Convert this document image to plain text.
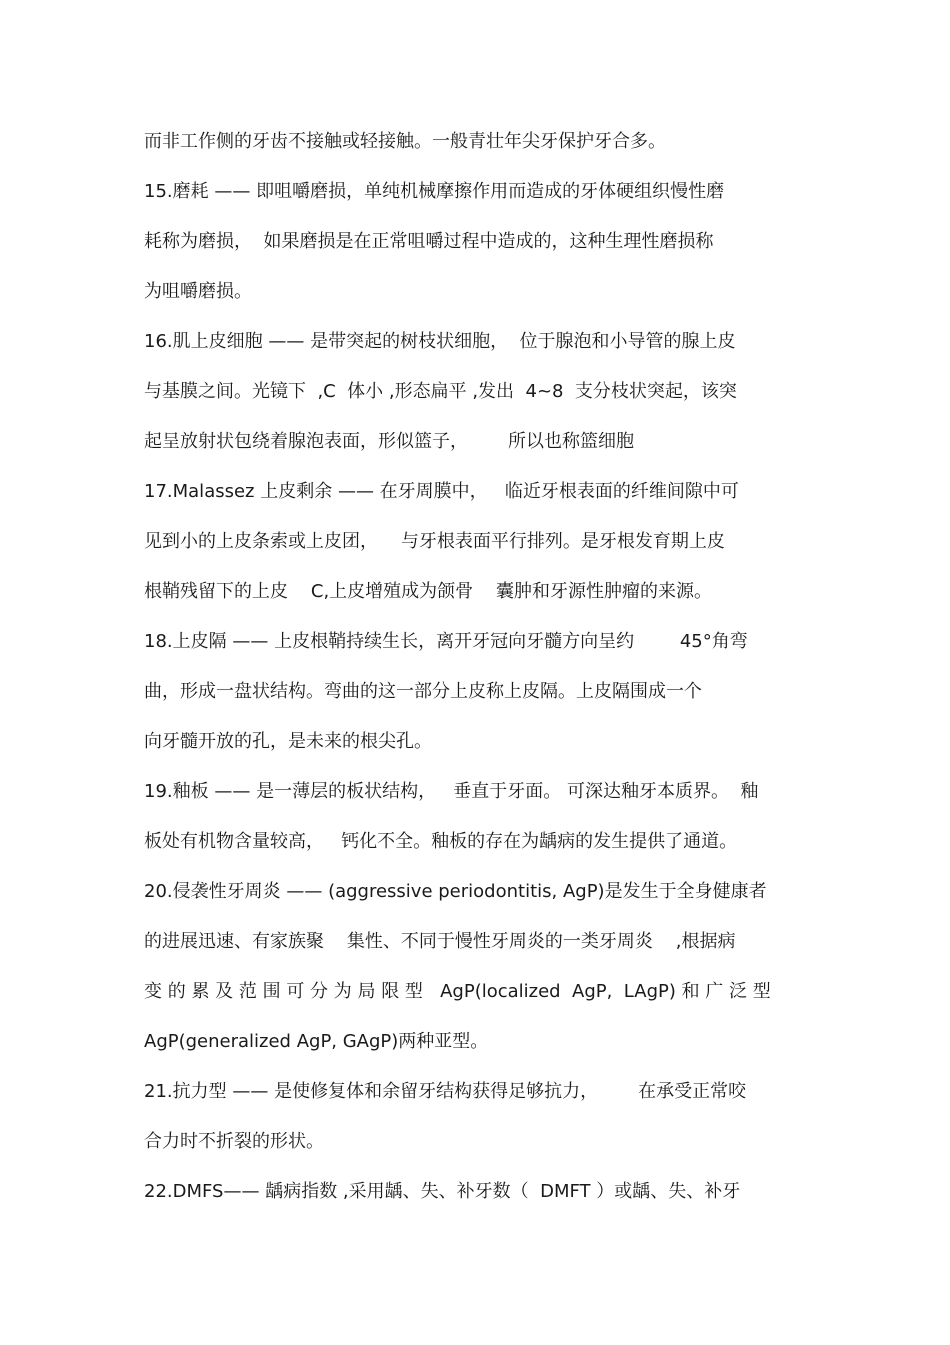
而非工作侧的牙齿不接触或轻接触。一般青壮年尖牙保护牙合多。
15.磨耗 —— 即咀嚼磨损，单纯机械摩擦作用而造成的牙体硬组织慢性磨
耗称为磨损，  如果磨损是在正常咀嚼过程中造成的，这种生理性磨损称
为咀嚼磨损。
16.肌上皮细胞 —— 是带突起的树枝状细胞，  位于腺泡和小导管的腺上皮
与基膜之间。光镜下  ,C  体小 ,形态扁平 ,发出  4~8  支分枝状突起，该突
起呈放射状包绕着腺泡表面，形似篮子，       所以也称篮细胞
17.Malassez 上皮剩余 —— 在牙周膜中，   临近牙根表面的纤维间隙中可
见到小的上皮条索或上皮团，    与牙根表面平行排列。是牙根发育期上皮
根鞘残留下的上皮    C,上皮增殖成为颌骨    囊肿和牙源性肿瘤的来源。
18.上皮隔 —— 上皮根鞘持续生长，离开牙冠向牙髓方向呈约        45°角弯
曲，形成一盘状结构。弯曲的这一部分上皮称上皮隔。上皮隔围成一个
向牙髓开放的孔，是未来的根尖孔。
19.釉板 —— 是一薄层的板状结构，   垂直于牙面。 可深达釉牙本质界。  釉
板处有机物含量较高，   钙化不全。釉板的存在为龋病的发生提供了通道。
20.侵袭性牙周炎 —— (aggressive periodontitis, AgP)是发生于全身健康者
的进展迅速、有家族聚    集性、不同于慢性牙周炎的一类牙周炎    ,根据病
变 的 累 及 范 围 可 分 为 局 限 型   AgP(localized  AgP,  LAgP) 和 广 泛 型
AgP(generalized AgP, GAgP)两种亚型。
21.抗力型 —— 是使修复体和余留牙结构获得足够抗力，       在承受正常咬
合力时不折裂的形状。
22.DMFS—— 龋病指数 ,采用龋、失、补牙数（  DMFT ）或龋、失、补牙
